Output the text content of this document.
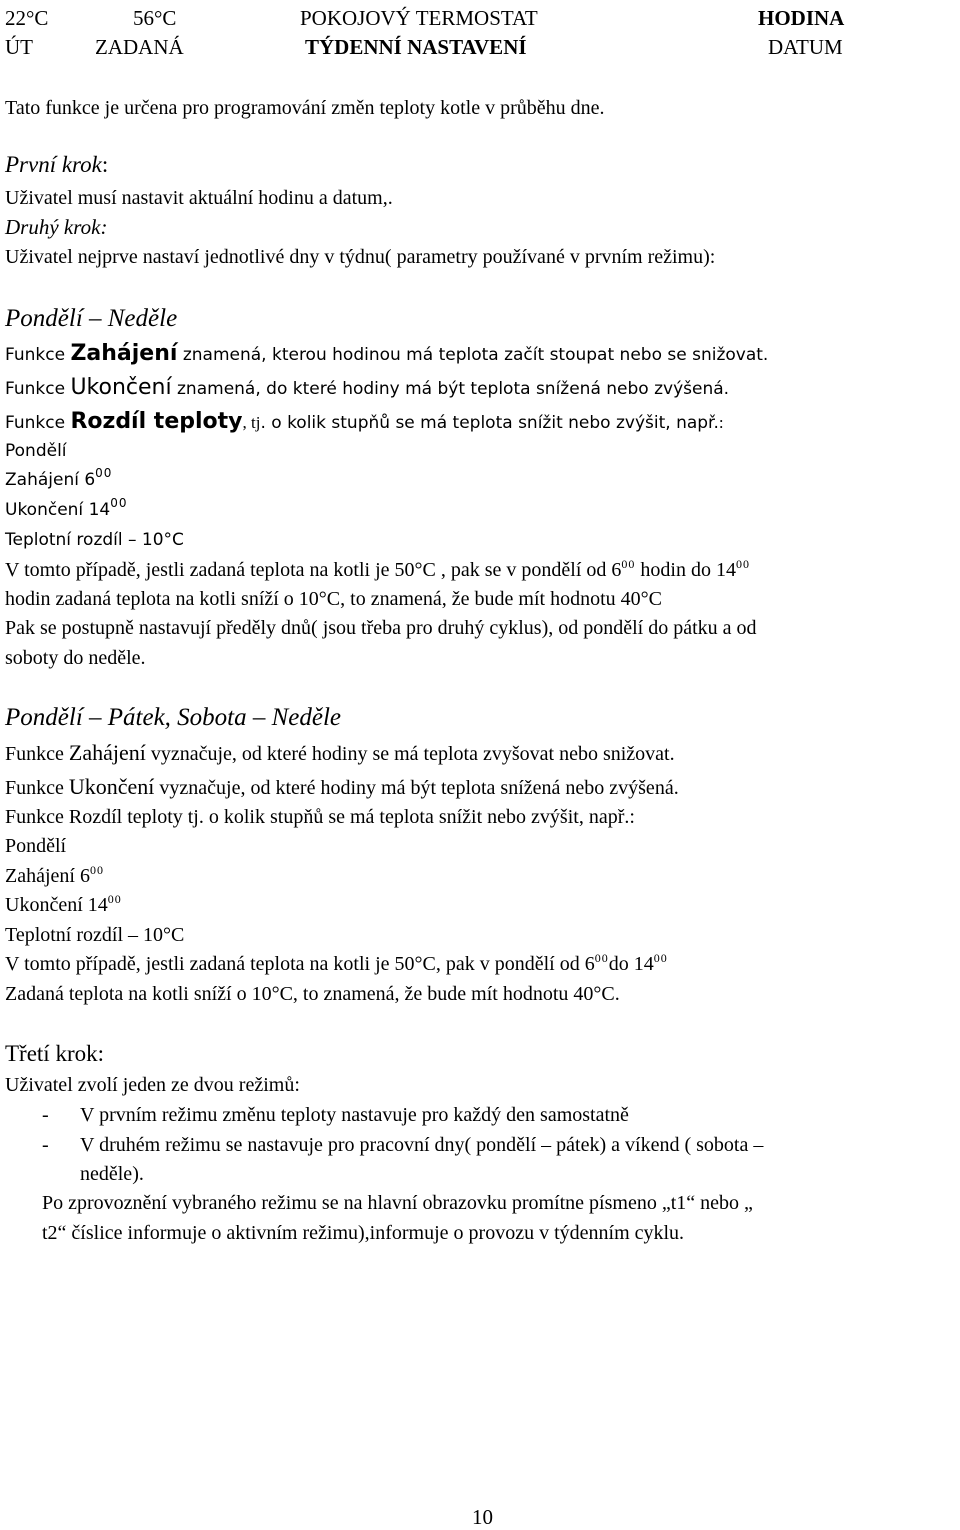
22°C	56°C	POKOJOVÝ TERMOSTAT	HODINA
ÚT	ZADANÁ	TÝDENNÍ NASTAVENÍ	DATUM
Tato funkce je určena pro programování změn teploty kotle v průběhu dne.
První krok:
Uživatel musí nastavit aktuální hodinu a datum,.
Druhý krok:
Uživatel nejprve nastaví jednotlivé dny v týdnu( parametry používané v prvním režimu):
Pondělí – Neděle
Funkce Zahájení znamená, kterou hodinou má teplota začít stoupat nebo se snižovat.
Funkce Ukončení znamená, do které hodiny má být teplota snížená nebo zvýšená.
Funkce Rozdíl teploty, tj. o kolik stupňů se má teplota snížit nebo zvýšit, např.:
Pondělí
Zahájení $6^{00}$
Ukončení $14^{00}$
Teplotní rozdíl – 10°C
V tomto případě, jestli zadaná teplota na kotli je 50°C , pak se v pondělí od $6^{00}$ hodin do $14^{00}$
hodin zadaná teplota na kotli sníží o 10°C, to znamená, že bude mít hodnotu 40°C
Pak se postupně nastavují předěly dnů( jsou třeba pro druhý cyklus), od pondělí do pátku a od
soboty do neděle.
Pondělí – Pátek, Sobota – Neděle
Funkce Zahájení vyznačuje, od které hodiny se má teplota zvyšovat nebo snižovat.
Funkce Ukončení vyznačuje, od které hodiny má být teplota snížená nebo zvýšená.
Funkce Rozdíl teploty tj. o kolik stupňů se má teplota snížit nebo zvýšit, např.:
Pondělí
Zahájení $6^{00}$
Ukončení $14^{00}$
Teplotní rozdíl – 10°C
V tomto případě, jestli zadaná teplota na kotli je 50°C, pak v pondělí od $6^{00}do$ $14^{00}$
Zadaná teplota na kotli sníží o 10°C, to znamená, že bude mít hodnotu 40°C.
Třetí krok:
Uživatel zvolí jeden ze dvou režimů:
- V prvním režimu změnu teploty nastavuje pro každý den samostatně
- V druhém režimu se nastavuje pro pracovní dny( pondělí – pátek) a víkend ( sobota –
neděle).
Po zprovoznění vybraného režimu se na hlavní obrazovku promítne písmeno „t1“ nebo „
t2“ číslice informuje o aktivním režimu),informuje o provozu v týdenním cyklu.
10
